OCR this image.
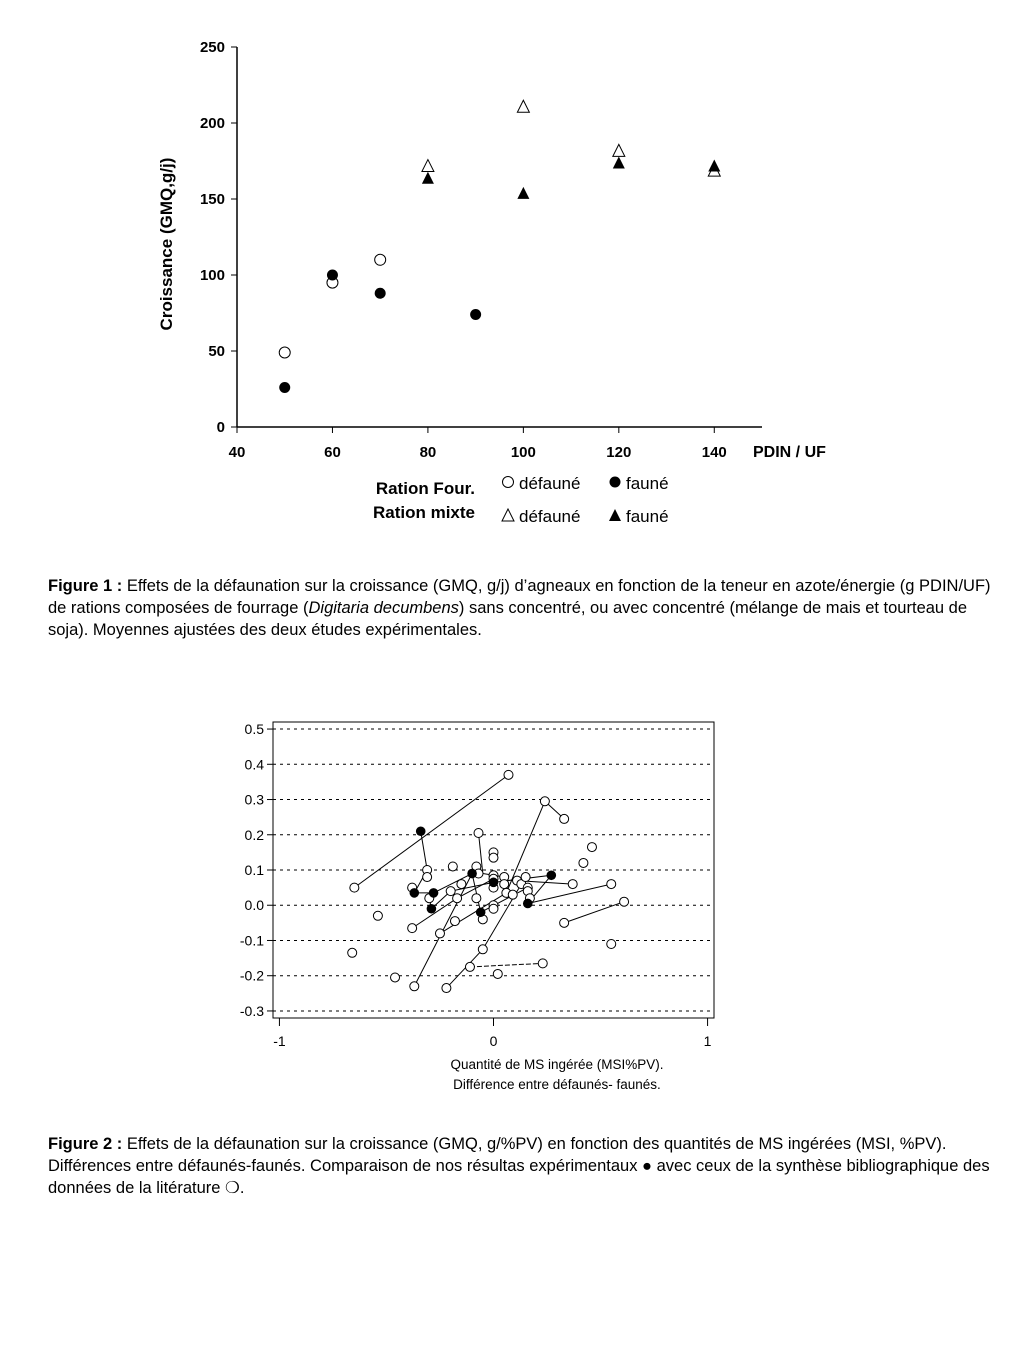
40	60	80	100	120	140
0
50
100
150
200
250
Croissance (GMQ,g/j)
PDIN / UF
Ration Four.
Ration mixte
défauné	fauné
défauné	fauné
Figure 1 : Effets de la défaunation sur la croissance (GMQ, g/j) d’agneaux en fonction de la teneur en azote/énergie (g PDIN/UF) de rations composées de fourrage (Digitaria decumbens) sans concentré, ou avec concentré (mélange de mais et tourteau de soja). Moyennes ajustées des deux études expérimentales.
0.5
0.4
0.3
0.2
0.1
0.0
-0.1
-0.2
-0.3
-1	0	1
Quantité de MS ingérée (MSI%PV).
Différence entre défaunés- faunés.
Figure 2 : Effets de la défaunation sur la croissance (GMQ, g/%PV) en fonction des quantités de MS ingérées (MSI, %PV). Différences entre défaunés-faunés. Comparaison de nos résultas expérimentaux ● avec ceux de la synthèse bibliographique des données de la litérature ❍.
